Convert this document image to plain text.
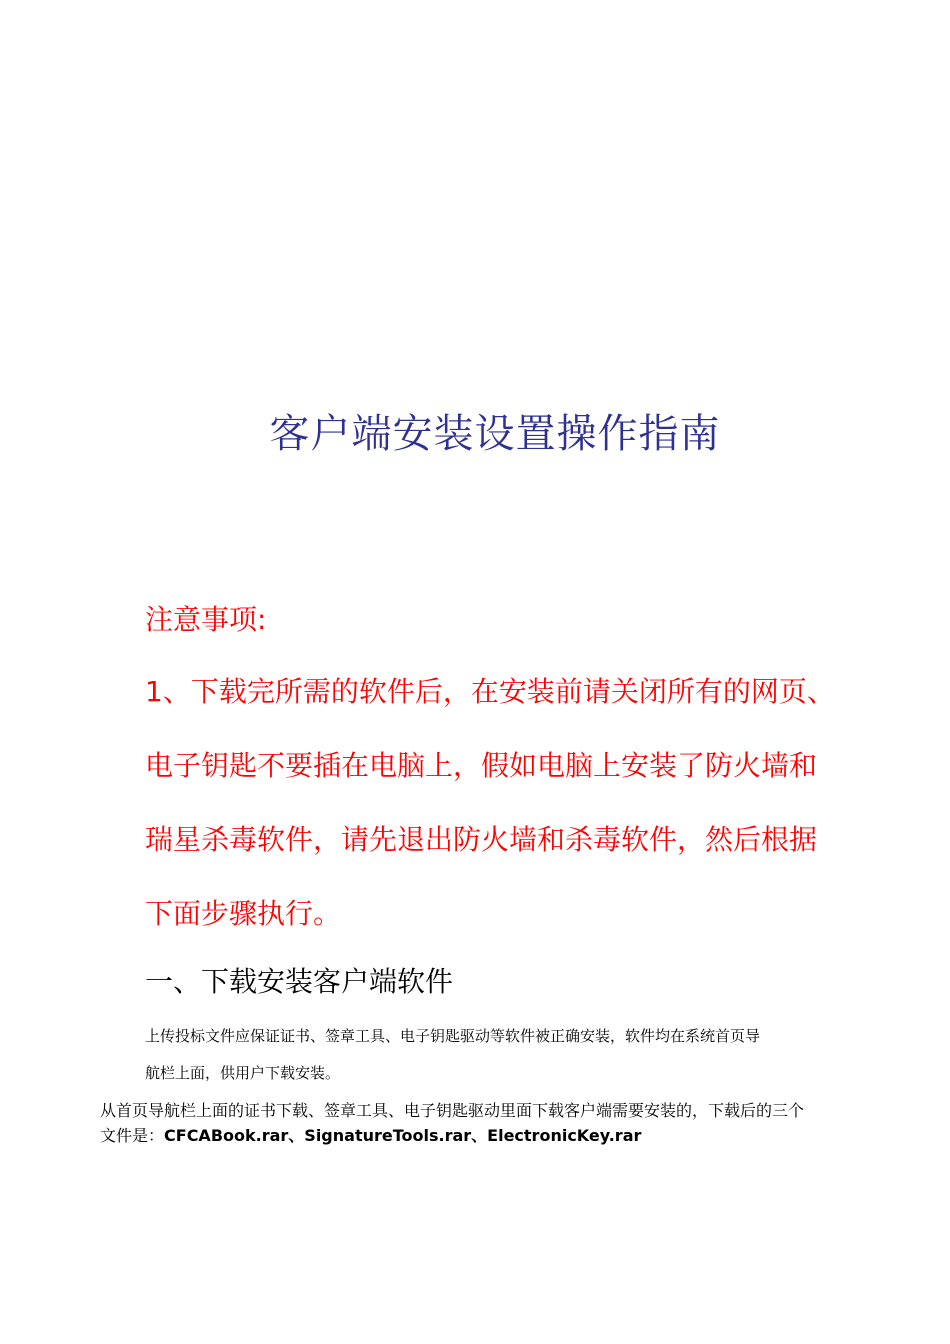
客户端安装设置操作指南
注意事项:
1、下载完所需的软件后，在安装前请关闭所有的网页、
电子钥匙不要插在电脑上，假如电脑上安装了防火墙和
瑞星杀毒软件，请先退出防火墙和杀毒软件，然后根据
下面步骤执行。
一、下载安装客户端软件
上传投标文件应保证证书、签章工具、电子钥匙驱动等软件被正确安装，软件均在系统首页导
航栏上面，供用户下载安装。
从首页导航栏上面的证书下载、签章工具、电子钥匙驱动里面下载客户端需要安装的，下载后的三个
文件是：CFCABook.rar、SignatureTools.rar、ElectronicKey.rar
